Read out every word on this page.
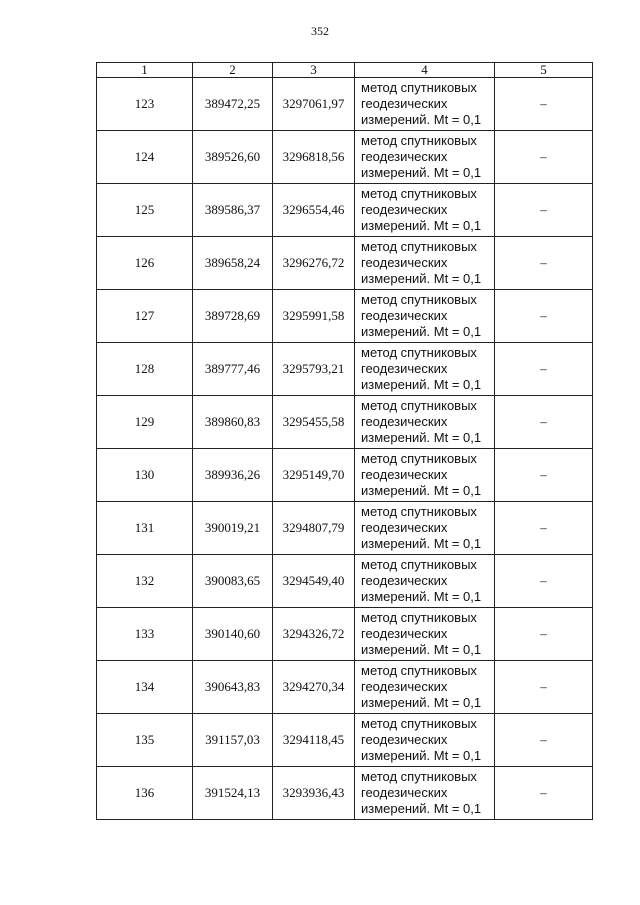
352
1	2	3	4	5
123	389472,25	3297061,97	метод спутниковых
геодезических
измерений. Mt = 0,1	–
124	389526,60	3296818,56	метод спутниковых
геодезических
измерений. Mt = 0,1	–
125	389586,37	3296554,46	метод спутниковых
геодезических
измерений. Mt = 0,1	–
126	389658,24	3296276,72	метод спутниковых
геодезических
измерений. Mt = 0,1	–
127	389728,69	3295991,58	метод спутниковых
геодезических
измерений. Mt = 0,1	–
128	389777,46	3295793,21	метод спутниковых
геодезических
измерений. Mt = 0,1	–
129	389860,83	3295455,58	метод спутниковых
геодезических
измерений. Mt = 0,1	–
130	389936,26	3295149,70	метод спутниковых
геодезических
измерений. Mt = 0,1	–
131	390019,21	3294807,79	метод спутниковых
геодезических
измерений. Mt = 0,1	–
132	390083,65	3294549,40	метод спутниковых
геодезических
измерений. Mt = 0,1	–
133	390140,60	3294326,72	метод спутниковых
геодезических
измерений. Mt = 0,1	–
134	390643,83	3294270,34	метод спутниковых
геодезических
измерений. Mt = 0,1	–
135	391157,03	3294118,45	метод спутниковых
геодезических
измерений. Mt = 0,1	–
136	391524,13	3293936,43	метод спутниковых
геодезических
измерений. Mt = 0,1	–
